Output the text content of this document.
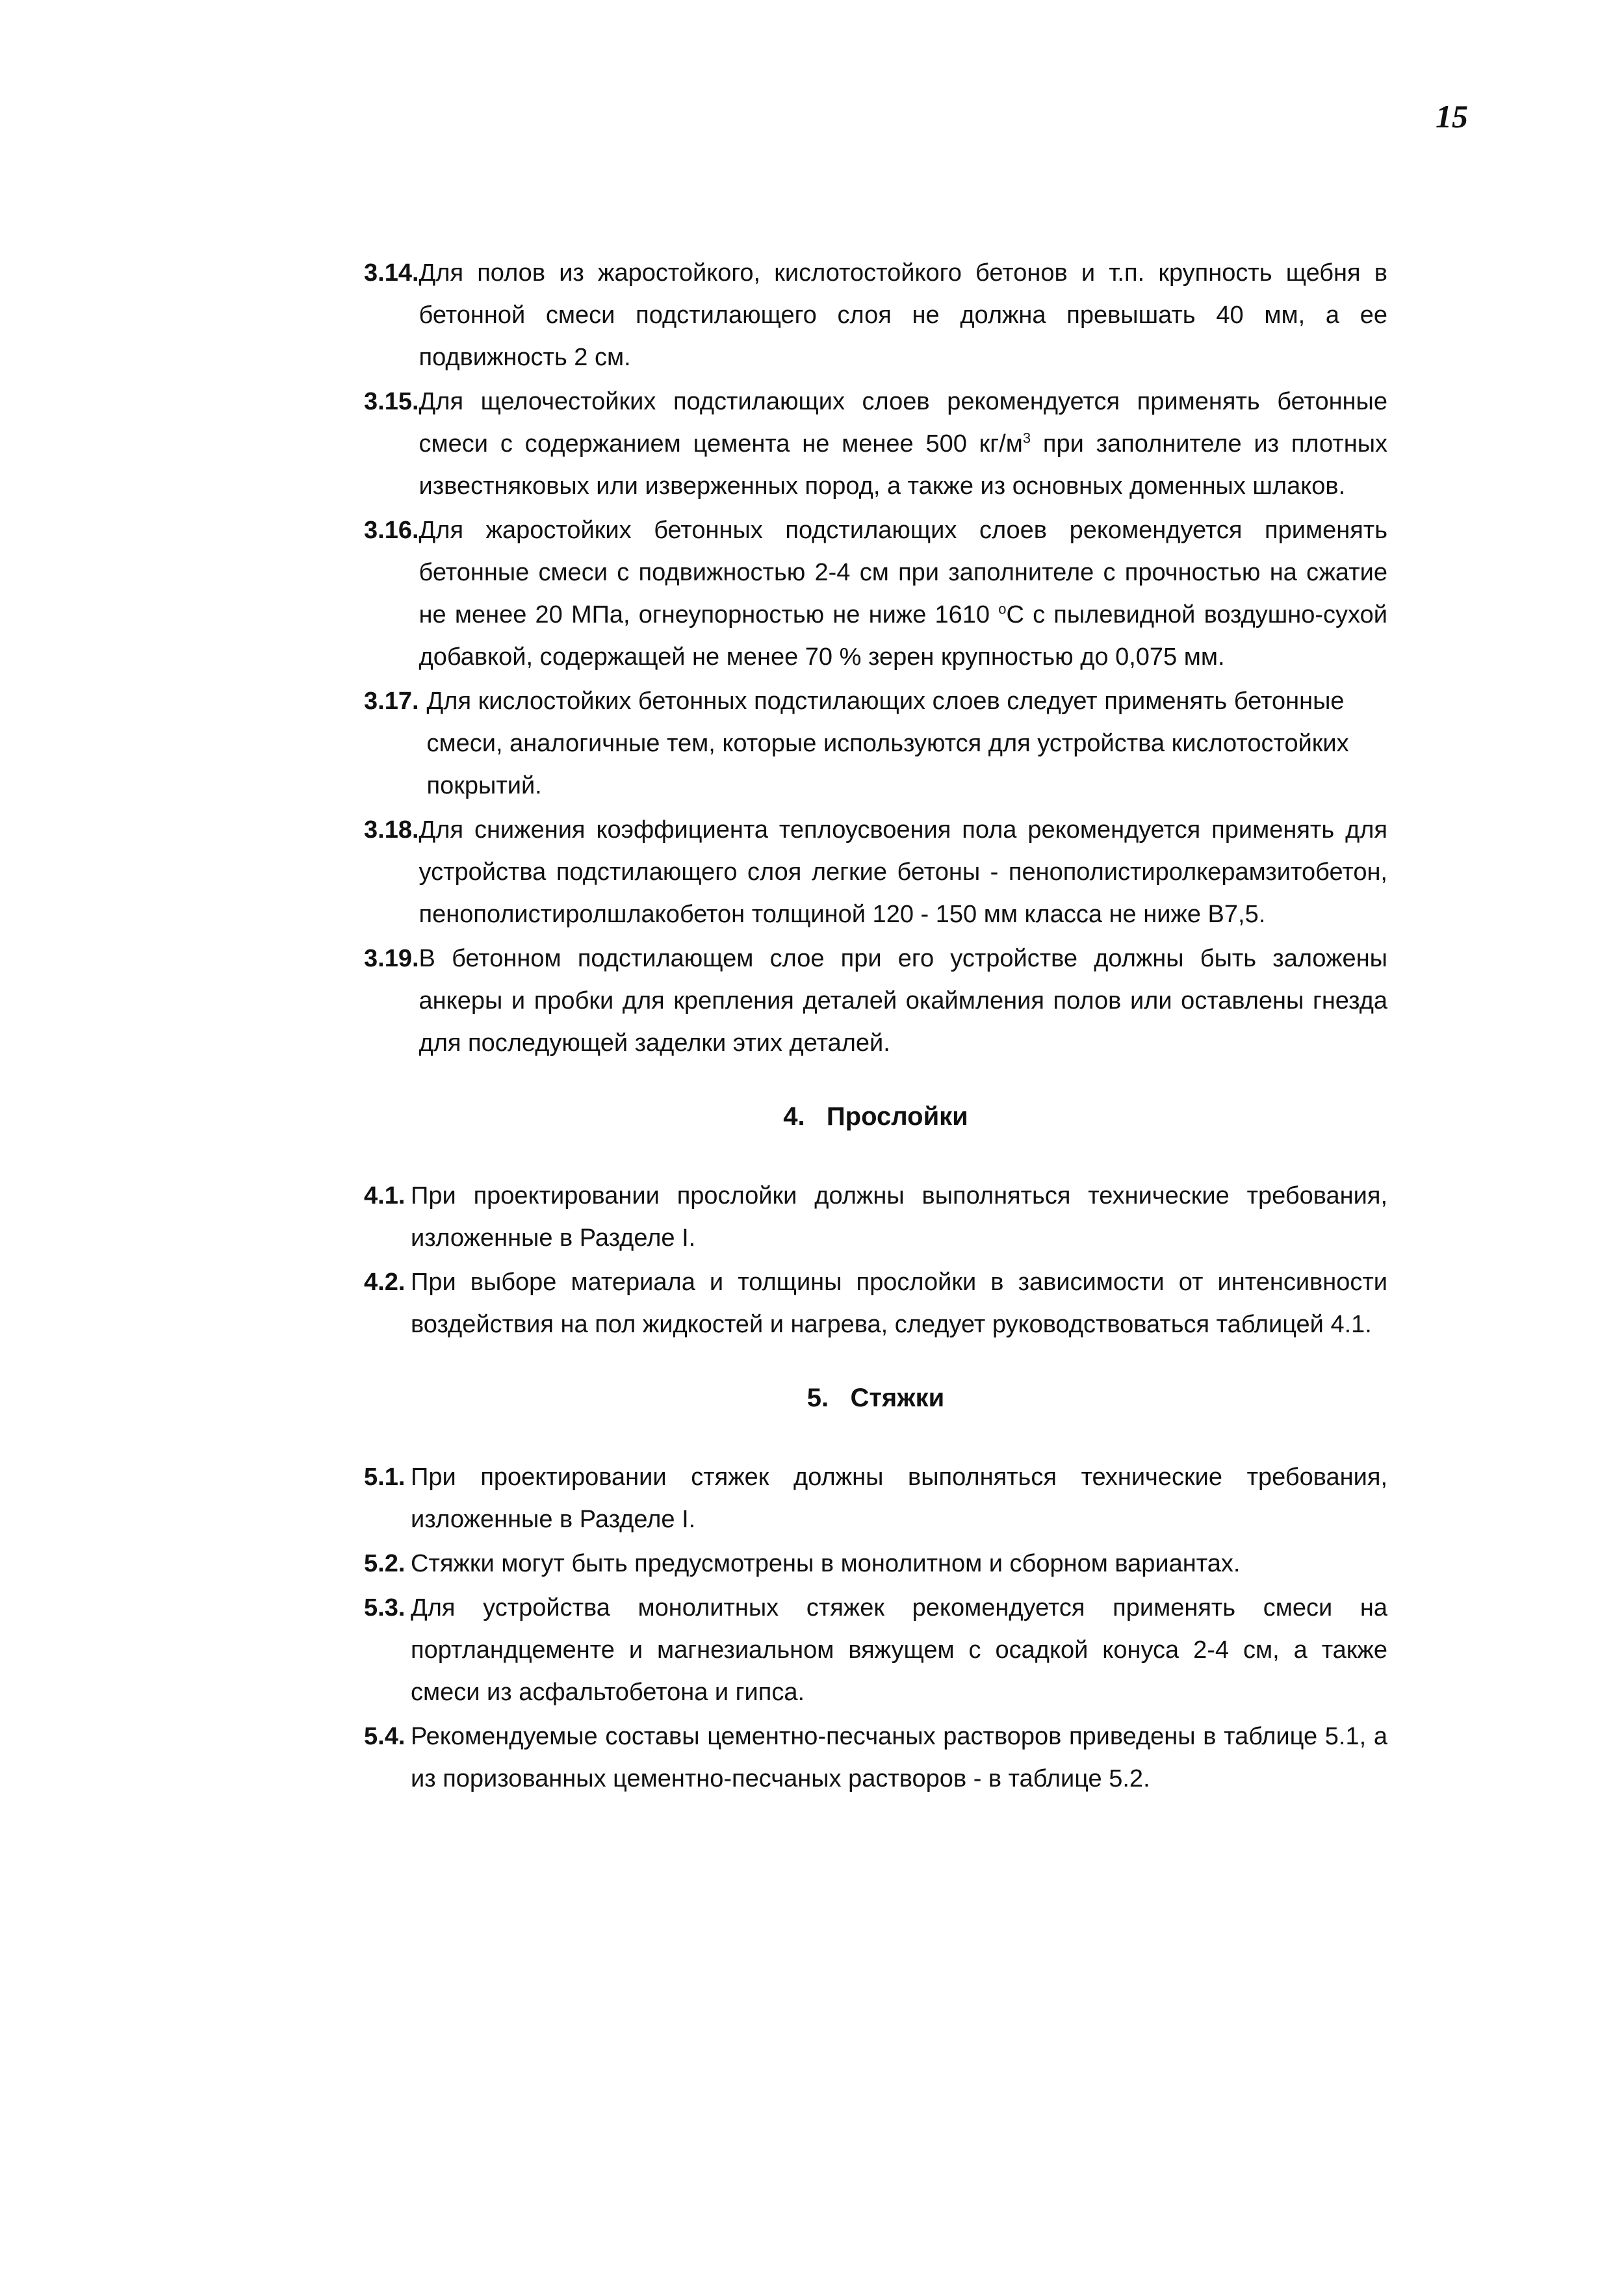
15
3.14. Для полов из жаростойкого, кислотостойкого бетонов и т.п. крупность щебня в бетонной смеси подстилающего слоя не должна превышать 40 мм, а ее подвижность 2 см.
3.15. Для щелочестойких подстилающих слоев рекомендуется применять бетонные смеси с содержанием цемента не менее 500 $кг/м^3$ при заполнителе из плотных известняковых или изверженных пород, а также из основных доменных шлаков.
3.16. Для жаростойких бетонных подстилающих слоев рекомендуется применять бетонные смеси с подвижностью 2-4 см при заполнителе с прочностью на сжатие не менее 20 МПа, огнеупорностью не ниже 1610 $^o$С с пылевидной воздушно-сухой добавкой, содержащей не менее 70 % зерен крупностью до 0,075 мм.
3.17. Для кислостойких бетонных подстилающих слоев следует применять бетонные смеси, аналогичные тем, которые используются для устройства кислотостойких покрытий.
3.18. Для снижения коэффициента теплоусвоения пола рекомендуется применять для устройства подстилающего слоя легкие бетоны - пенополистиролкерамзитобетон, пенополистиролшлакобетон толщиной 120 - 150 мм класса не ниже В7,5.
3.19. В бетонном подстилающем слое при его устройстве должны быть заложены анкеры и пробки для крепления деталей окаймления полов или оставлены гнезда для последующей заделки этих деталей.
4.   Прослойки
4.1. При проектировании прослойки должны выполняться технические требования, изложенные в Разделе I.
4.2. При выборе материала и толщины прослойки в зависимости от интенсивности воздействия на пол жидкостей и нагрева, следует руководствоваться таблицей 4.1.
5.   Стяжки
5.1. При проектировании стяжек должны выполняться технические требования, изложенные в Разделе I.
5.2. Стяжки могут быть предусмотрены в монолитном и сборном вариантах.
5.3. Для устройства монолитных стяжек рекомендуется применять смеси на портландцементе и магнезиальном вяжущем с осадкой конуса 2-4 см, а также смеси из асфальтобетона и гипса.
5.4. Рекомендуемые составы цементно-песчаных растворов приведены в таблице 5.1, а из поризованных цементно-песчаных растворов - в таблице 5.2.
